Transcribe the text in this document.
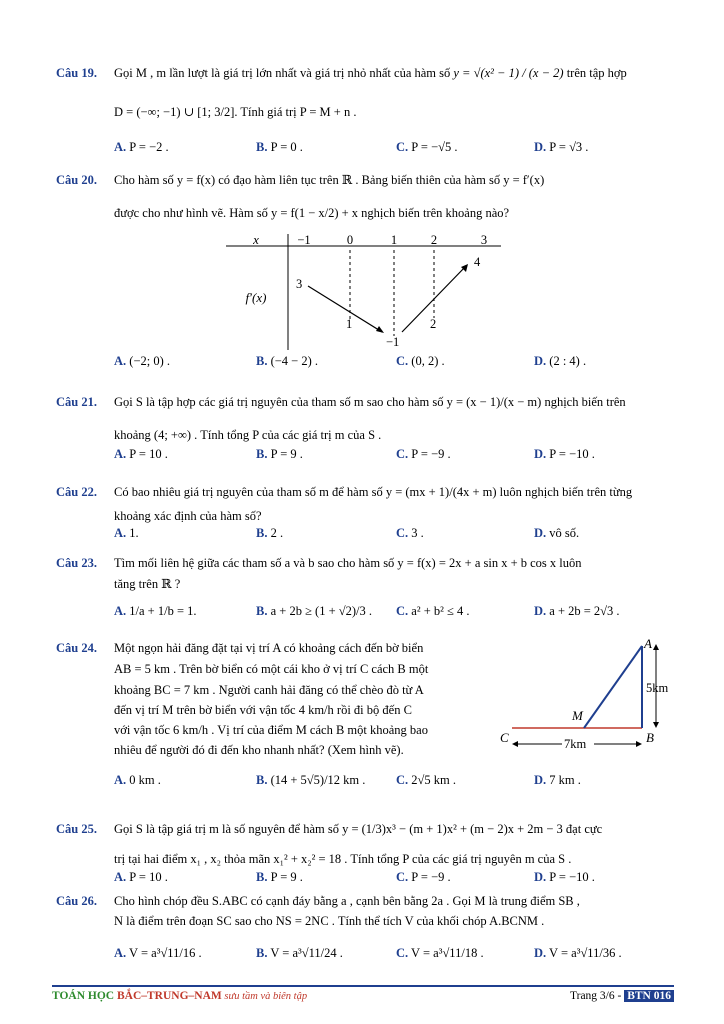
Câu 19. Gọi M , m lần lượt là giá trị lớn nhất và giá trị nhỏ nhất của hàm số y = √(x² − 1) / (x − 2) trên tập hợp
D = (−∞; −1) ∪ [1; 3/2]. Tính giá trị P = M + n .
A. P = −2 .	B. P = 0 .	C. P = −√5 .	D. P = √3 .
Câu 20. Cho hàm số y = f(x) có đạo hàm liên tục trên ℝ . Bảng biến thiên của hàm số y = f′(x)
được cho như hình vẽ. Hàm số y = f(1 − x/2) + x nghịch biến trên khoảng nào?
x
f′(x)
−1	0	1	2	3
3
1
−1
2
4
A. (−2; 0) .	B. (−4 − 2) .	C. (0, 2) .	D. (2 : 4) .
Câu 21. Gọi S là tập hợp các giá trị nguyên của tham số m sao cho hàm số y = (x − 1)/(x − m) nghịch biến trên
khoảng (4; +∞) . Tính tổng P của các giá trị m của S .
A. P = 10 .	B. P = 9 .	C. P = −9 .	D. P = −10 .
Câu 22. Có bao nhiêu giá trị nguyên của tham số m để hàm số y = (mx + 1)/(4x + m) luôn nghịch biến trên từng
khoảng xác định của hàm số?
A. 1.	B. 2 .	C. 3 .	D. vô số.
Câu 23. Tìm mối liên hệ giữa các tham số a và b sao cho hàm số y = f(x) = 2x + a sin x + b cos x luôn
tăng trên ℝ ?
A. 1/a + 1/b = 1.	B. a + 2b ≥ (1 + √2)/3 . C. a² + b² ≤ 4 .	D. a + 2b = 2√3 .
Câu 24. Một ngọn hải đăng đặt tại vị trí A có khoảng cách đến bờ biển
AB = 5 km . Trên bờ biển có một cái kho ở vị trí C cách B một
khoảng BC = 7 km . Người canh hải đăng có thể chèo đò từ A
đến vị trí M trên bờ biển với vận tốc 4 km/h rồi đi bộ đến C
với vận tốc 6 km/h . Vị trí của điểm M cách B một khoảng bao
nhiêu để người đó đi đến kho nhanh nhất? (Xem hình vẽ).
A
B
C
M
5km
7km
A. 0 km .	B. (14 + 5√5)/12 km . C. 2√5 km .	D. 7 km .
Câu 25. Gọi S là tập giá trị m là số nguyên để hàm số y = (1/3)x³ − (m + 1)x² + (m − 2)x + 2m − 3 đạt cực
trị tại hai điểm x₁ , x₂ thỏa mãn x₁² + x₂² = 18 . Tính tổng P của các giá trị nguyên m của S .
A. P = 10 .	B. P = 9 .	C. P = −9 .	D. P = −10 .
Câu 26. Cho hình chóp đều S.ABC có cạnh đáy bằng a , cạnh bên bằng 2a . Gọi M là trung điểm SB ,
N là điểm trên đoạn SC sao cho NS = 2NC . Tính thể tích V của khối chóp A.BCNM .
A. V = a³√11/16 .	B. V = a³√11/24 .	C. V = a³√11/18 .	D. V = a³√11/36 .
TOÁN HỌC BẮC–TRUNG–NAM sưu tầm và biên tập	Trang 3/6 - BTN 016
